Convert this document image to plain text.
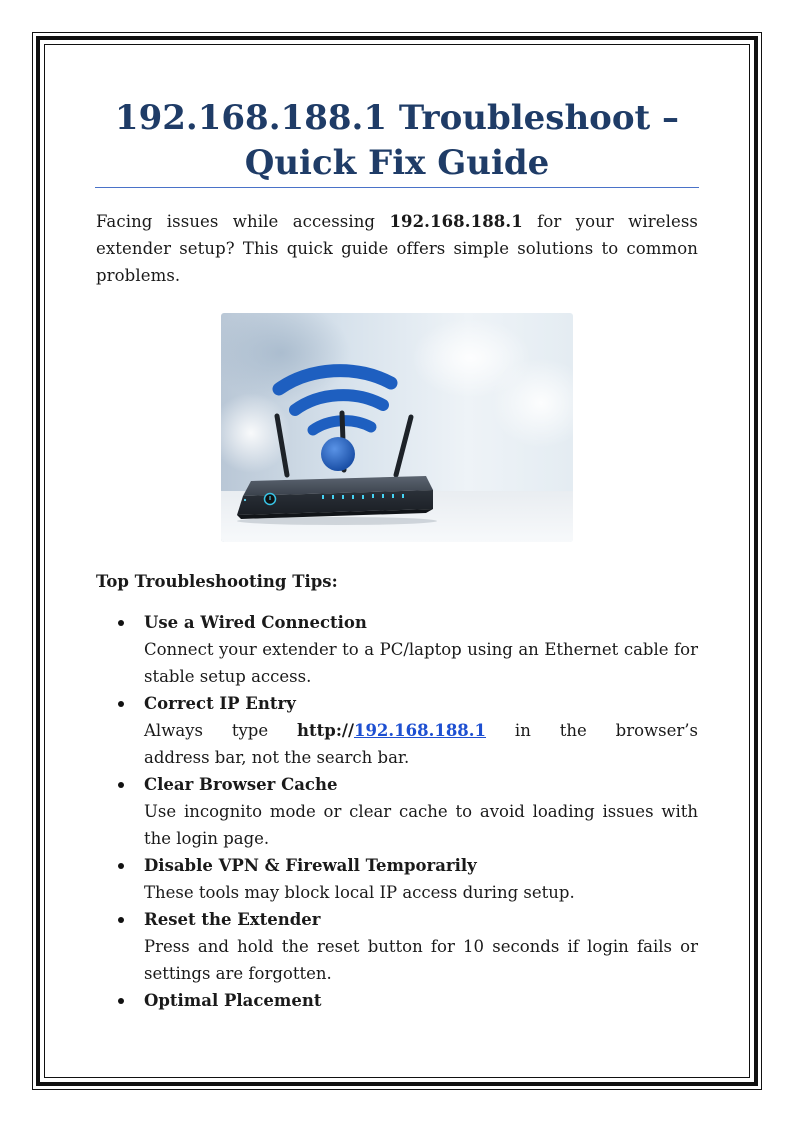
192.168.188.1 Troubleshoot –
Quick Fix Guide

Facing issues while accessing 192.168.188.1 for your wireless extender setup? This quick guide offers simple solutions to common problems.

Top Troubleshooting Tips:
Use a Wired Connection
Connect your extender to a PC/laptop using an Ethernet cable for stable setup access.
Correct IP Entry
Always type http://192.168.188.1 in the browser’s
address bar, not the search bar.
Clear Browser Cache
Use incognito mode or clear cache to avoid loading issues with the login page.
Disable VPN & Firewall Temporarily
These tools may block local IP access during setup.
Reset the Extender
Press and hold the reset button for 10 seconds if login fails or settings are forgotten.
Optimal Placement
